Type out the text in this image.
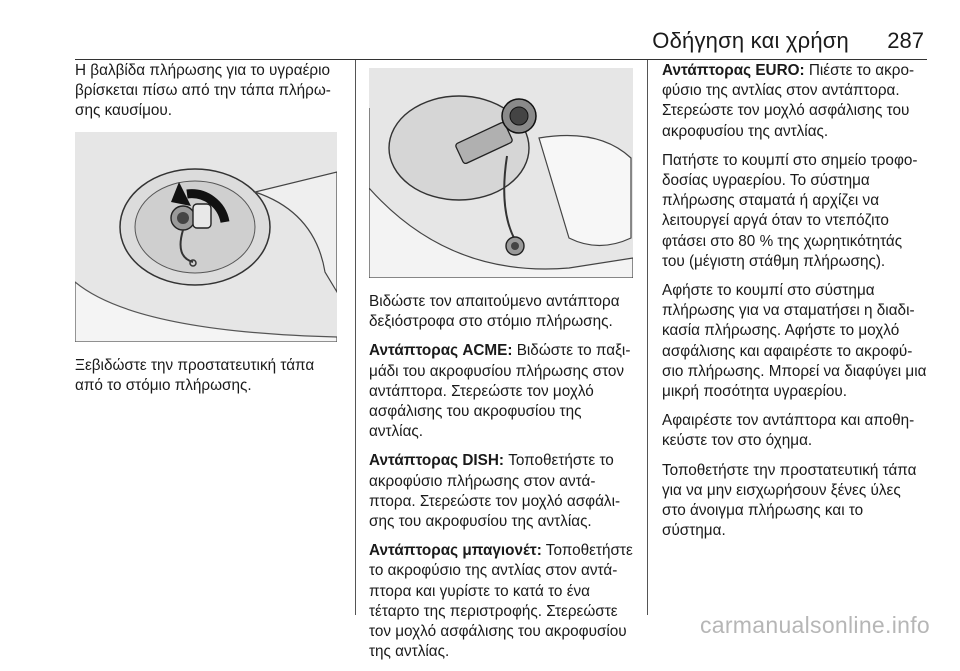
Οδήγηση και χρήση 287

Η βαλβίδα πλήρωσης για το υγραέριο βρίσκεται πίσω από την τάπα πλήρωσης καυσίμου.

Ξεβιδώστε την προστατευτική τάπα από το στόμιο πλήρωσης.

Βιδώστε τον απαιτούμενο αντάπτορα δεξιόστροφα στο στόμιο πλήρωσης.

Αντάπτορας ACME: Βιδώστε το παξιμάδι του ακροφυσίου πλήρωσης στον αντάπτορα. Στερεώστε τον μοχλό ασφάλισης του ακροφυσίου της αντλίας.

Αντάπτορας DISH: Τοποθετήστε το ακροφύσιο πλήρωσης στον αντάπτορα. Στερεώστε τον μοχλό ασφάλισης του ακροφυσίου της αντλίας.

Αντάπτορας μπαγιονέτ: Τοποθετήστε το ακροφύσιο της αντλίας στον αντάπτορα και γυρίστε το κατά το ένα τέταρτο της περιστροφής. Στερεώστε τον μοχλό ασφάλισης του ακροφυσίου της αντλίας.

Αντάπτορας EURO: Πιέστε το ακροφύσιο της αντλίας στον αντάπτορα. Στερεώστε τον μοχλό ασφάλισης του ακροφυσίου της αντλίας.

Πατήστε το κουμπί στο σημείο τροφοδοσίας υγραερίου. Το σύστημα πλήρωσης σταματά ή αρχίζει να λειτουργεί αργά όταν το ντεπόζιτο φτάσει στο 80 % της χωρητικότητάς του (μέγιστη στάθμη πλήρωσης).

Αφήστε το κουμπί στο σύστημα πλήρωσης για να σταματήσει η διαδικασία πλήρωσης. Αφήστε το μοχλό ασφάλισης και αφαιρέστε το ακροφύσιο πλήρωσης. Μπορεί να διαφύγει μια μικρή ποσότητα υγραερίου.

Αφαιρέστε τον αντάπτορα και αποθηκεύστε τον στο όχημα.

Τοποθετήστε την προστατευτική τάπα για να μην εισχωρήσουν ξένες ύλες στο άνοιγμα πλήρωσης και το σύστημα.

carmanualsonline.info
